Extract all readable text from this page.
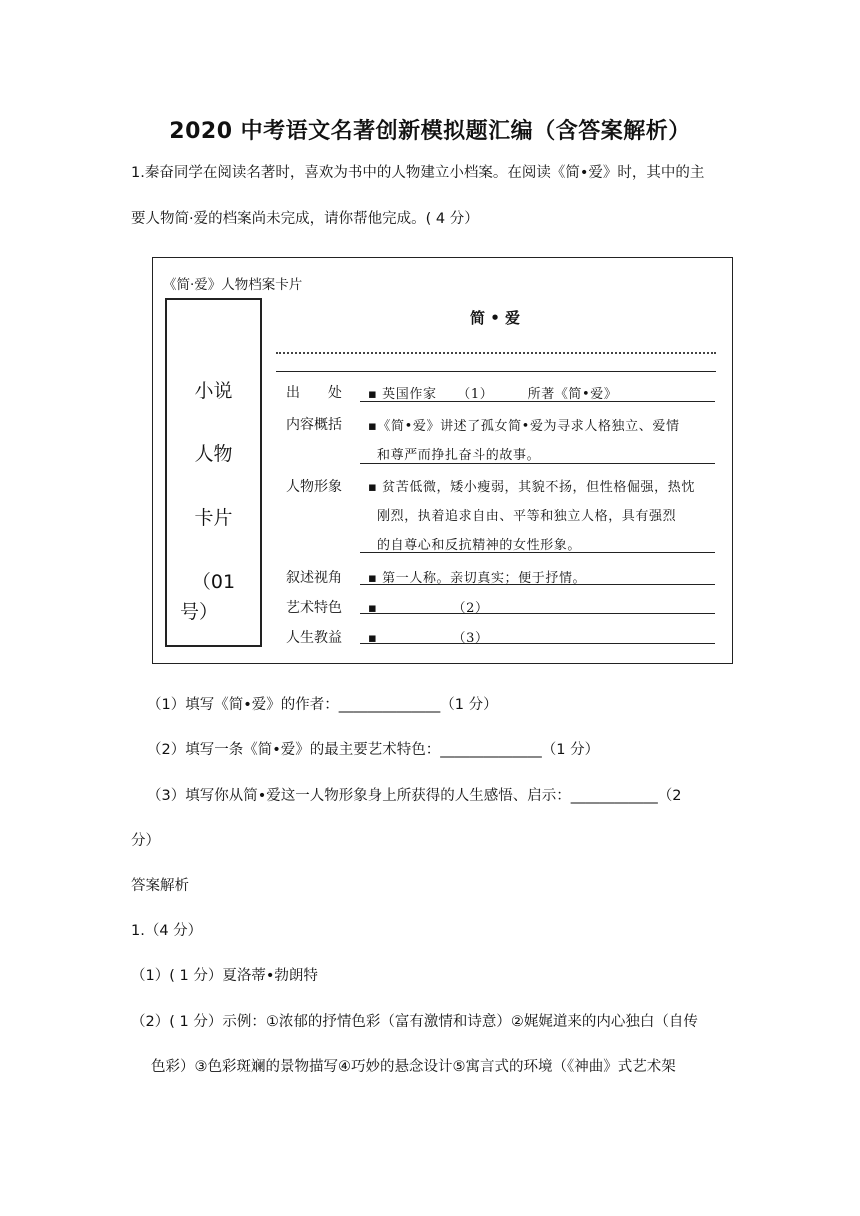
2020 中考语文名著创新模拟题汇编（含答案解析）
1.秦奋同学在阅读名著时，喜欢为书中的人物建立小档案。在阅读《简•爱》时，其中的主
要人物简·爱的档案尚未完成，请你帮他完成。( 4 分）
《简·爱》人物档案卡片
小说
人物
卡片
（01
号）
简 • 爱
出　　处 ▪ 英国作家　　（1）　　　所著《简•爱》
内容概括 ▪《简•爱》讲述了孤女简•爱为寻求人格独立、爱情
和尊严而挣扎奋斗的故事。
人物形象 ▪ 贫苦低微，矮小瘦弱，其貌不扬，但性格倔强，热忱
刚烈，执着追求自由、平等和独立人格，具有强烈
的自尊心和反抗精神的女性形象。
叙述视角 ▪ 第一人称。亲切真实；便于抒情。
艺术特色 ▪　　　　　　（2）
人生教益 ▪　　　　　　（3）
（1）填写《简•爱》的作者：______________（1 分）
（2）填写一条《简•爱》的最主要艺术特色：______________（1 分）
（3）填写你从简•爱这一人物形象身上所获得的人生感悟、启示：____________（2
分）
答案解析
1.（4 分）
（1）( 1 分）夏洛蒂•勃朗特
（2）( 1 分）示例：①浓郁的抒情色彩（富有激情和诗意）②娓娓道来的内心独白（自传
色彩）③色彩斑斓的景物描写④巧妙的悬念设计⑤寓言式的环境（《神曲》式艺术架
